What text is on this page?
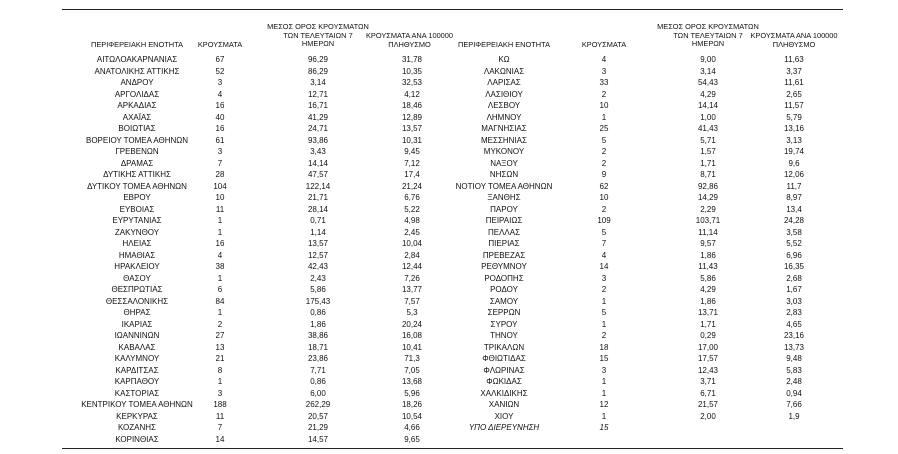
ΠΕΡΙΦΕΡΕΙΑΚΗ ΕΝΟΤΗΤΑ	ΚΡΟΥΣΜΑΤΑ
ΜΕΣΟΣ ΟΡΟΣ ΚΡΟΥΣΜΑΤΩΝ
ΤΩΝ ΤΕΛΕΥΤΑΙΩΝ 7
ΗΜΕΡΩΝ
ΚΡΟΥΣΜΑΤΑ ΑΝΑ 100000
ΠΛΗΘΥΣΜΟ
ΑΙΤΩΛΟΑΚΑΡΝΑΝΙΑΣ	67	96,29	31,78
ΑΝΑΤΟΛΙΚΗΣ ΑΤΤΙΚΗΣ	52	86,29	10,35
ΑΝΔΡΟΥ	3	3,14	32,53
ΑΡΓΟΛΙΔΑΣ	4	12,71	4,12
ΑΡΚΑΔΙΑΣ	16	16,71	18,46
ΑΧΑΪΑΣ	40	41,29	12,89
ΒΟΙΩΤΙΑΣ	16	24,71	13,57
ΒΟΡΕΙΟΥ ΤΟΜΕΑ ΑΘΗΝΩΝ	61	93,86	10,31
ΓΡΕΒΕΝΩΝ	3	3,43	9,45
ΔΡΑΜΑΣ	7	14,14	7,12
ΔΥΤΙΚΗΣ ΑΤΤΙΚΗΣ	28	47,57	17,4
ΔΥΤΙΚΟΥ ΤΟΜΕΑ ΑΘΗΝΩΝ	104	122,14	21,24
ΕΒΡΟΥ	10	21,71	6,76
ΕΥΒΟΙΑΣ	11	28,14	5,22
ΕΥΡΥΤΑΝΙΑΣ	1	0,71	4,98
ΖΑΚΥΝΘΟΥ	1	1,14	2,45
ΗΛΕΙΑΣ	16	13,57	10,04
ΗΜΑΘΙΑΣ	4	12,57	2,84
ΗΡΑΚΛΕΙΟΥ	38	42,43	12,44
ΘΑΣΟΥ	1	2,43	7,26
ΘΕΣΠΡΩΤΙΑΣ	6	5,86	13,77
ΘΕΣΣΑΛΟΝΙΚΗΣ	84	175,43	7,57
ΘΗΡΑΣ	1	0,86	5,3
ΙΚΑΡΙΑΣ	2	1,86	20,24
ΙΩΑΝΝΙΝΩΝ	27	38,86	16,08
ΚΑΒΑΛΑΣ	13	18,71	10,41
ΚΑΛΥΜΝΟΥ	21	23,86	71,3
ΚΑΡΔΙΤΣΑΣ	8	7,71	7,05
ΚΑΡΠΑΘΟΥ	1	0,86	13,68
ΚΑΣΤΟΡΙΑΣ	3	6,00	5,96
ΚΕΝΤΡΙΚΟΥ ΤΟΜΕΑ ΑΘΗΝΩΝ	188	262,29	18,26
ΚΕΡΚΥΡΑΣ	11	20,57	10,54
ΚΟΖΑΝΗΣ	7	21,29	4,66
ΚΟΡΙΝΘΙΑΣ	14	14,57	9,65
ΠΕΡΙΦΕΡΕΙΑΚΗ ΕΝΟΤΗΤΑ	ΚΡΟΥΣΜΑΤΑ
ΜΕΣΟΣ ΟΡΟΣ ΚΡΟΥΣΜΑΤΩΝ
ΤΩΝ ΤΕΛΕΥΤΑΙΩΝ 7
ΗΜΕΡΩΝ
ΚΡΟΥΣΜΑΤΑ ΑΝΑ 100000
ΠΛΗΘΥΣΜΟ
ΚΩ	4	9,00	11,63
ΛΑΚΩΝΙΑΣ	3	3,14	3,37
ΛΑΡΙΣΑΣ	33	54,43	11,61
ΛΑΣΙΘΙΟΥ	2	4,29	2,65
ΛΕΣΒΟΥ	10	14,14	11,57
ΛΗΜΝΟΥ	1	1,00	5,79
ΜΑΓΝΗΣΙΑΣ	25	41,43	13,16
ΜΕΣΣΗΝΙΑΣ	5	5,71	3,13
ΜΥΚΟΝΟΥ	2	1,57	19,74
ΝΑΞΟΥ	2	1,71	9,6
ΝΗΣΩΝ	9	8,71	12,06
ΝΟΤΙΟΥ ΤΟΜΕΑ ΑΘΗΝΩΝ	62	92,86	11,7
ΞΑΝΘΗΣ	10	14,29	8,97
ΠΑΡΟΥ	2	2,29	13,4
ΠΕΙΡΑΙΩΣ	109	103,71	24,28
ΠΕΛΛΑΣ	5	11,14	3,58
ΠΙΕΡΙΑΣ	7	9,57	5,52
ΠΡΕΒΕΖΑΣ	4	1,86	6,96
ΡΕΘΥΜΝΟΥ	14	11,43	16,35
ΡΟΔΟΠΗΣ	3	5,86	2,68
ΡΟΔΟΥ	2	4,29	1,67
ΣΑΜΟΥ	1	1,86	3,03
ΣΕΡΡΩΝ	5	13,71	2,83
ΣΥΡΟΥ	1	1,71	4,65
ΤΗΝΟΥ	2	0,29	23,16
ΤΡΙΚΑΛΩΝ	18	17,00	13,73
ΦΘΙΩΤΙΔΑΣ	15	17,57	9,48
ΦΛΩΡΙΝΑΣ	3	12,43	5,83
ΦΩΚΙΔΑΣ	1	3,71	2,48
ΧΑΛΚΙΔΙΚΗΣ	1	6,71	0,94
ΧΑΝΙΩΝ	12	21,57	7,66
ΧΙΟΥ	1	2,00	1,9
ΥΠΟ ΔΙΕΡΕΥΝΗΣΗ	15
